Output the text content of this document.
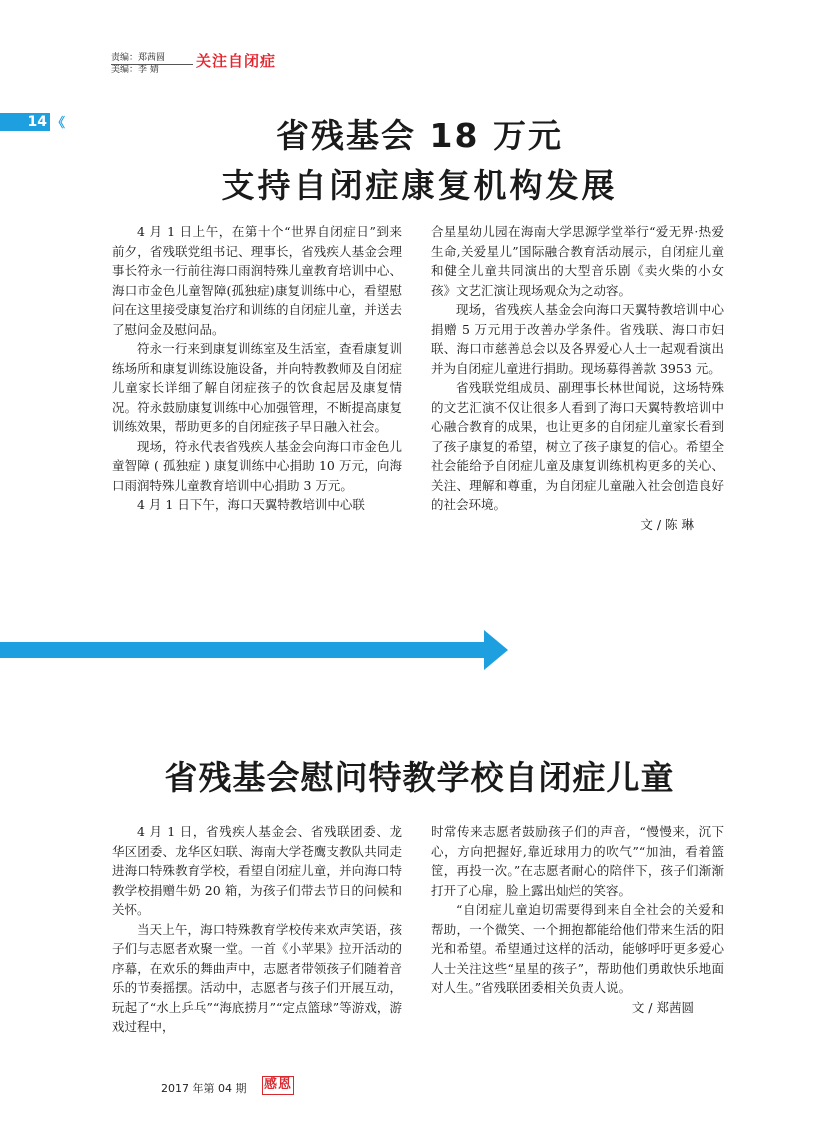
责编：郑茜圆
美编：李 婧	关注自闭症
14 《	省残基会 18 万元
支持自闭症康复机构发展

4 月 1 日上午，在第十个“世界自闭症日”到来前夕，省残联党组书记、理事长，省残疾人基金会理事长符永一行前往海口雨润特殊儿童教育培训中心、海口市金色儿童智障(孤独症)康复训练中心，看望慰问在这里接受康复治疗和训练的自闭症儿童，并送去了慰问金及慰问品。

符永一行来到康复训练室及生活室，查看康复训练场所和康复训练设施设备，并向特教教师及自闭症儿童家长详细了解自闭症孩子的饮食起居及康复情况。符永鼓励康复训练中心加强管理，不断提高康复训练效果，帮助更多的自闭症孩子早日融入社会。

现场，符永代表省残疾人基金会向海口市金色儿童智障 ( 孤独症 ) 康复训练中心捐助 10 万元，向海口雨润特殊儿童教育培训中心捐助 3 万元。

4 月 1 日下午，海口天翼特教培训中心联

合星星幼儿园在海南大学思源学堂举行“爱无界·热爱生命,关爱星儿”国际融合教育活动展示，自闭症儿童和健全儿童共同演出的大型音乐剧《卖火柴的小女孩》文艺汇演让现场观众为之动容。

现场，省残疾人基金会向海口天翼特教培训中心捐赠 5 万元用于改善办学条件。省残联、海口市妇联、海口市慈善总会以及各界爱心人士一起观看演出并为自闭症儿童进行捐助。现场募得善款 3953 元。

省残联党组成员、副理事长林世闻说，这场特殊的文艺汇演不仅让很多人看到了海口天翼特教培训中心融合教育的成果，也让更多的自闭症儿童家长看到了孩子康复的希望，树立了孩子康复的信心。希望全社会能给予自闭症儿童及康复训练机构更多的关心、关注、理解和尊重，为自闭症儿童融入社会创造良好的社会环境。

文 / 陈 琳

省残基会慰问特教学校自闭症儿童

4 月 1 日，省残疾人基金会、省残联团委、龙华区团委、龙华区妇联、海南大学苍鹰支教队共同走进海口特殊教育学校，看望自闭症儿童，并向海口特教学校捐赠牛奶 20 箱，为孩子们带去节日的问候和关怀。

当天上午，海口特殊教育学校传来欢声笑语，孩子们与志愿者欢聚一堂。一首《小苹果》拉开活动的序幕，在欢乐的舞曲声中，志愿者带领孩子们随着音乐的节奏摇摆。活动中，志愿者与孩子们开展互动，玩起了“水上乒乓”“海底捞月”“定点篮球”等游戏，游戏过程中，

时常传来志愿者鼓励孩子们的声音，“慢慢来，沉下心，方向把握好,靠近球用力的吹气”“加油，看着篮筐，再投一次。”在志愿者耐心的陪伴下，孩子们渐渐打开了心扉，脸上露出灿烂的笑容。

“自闭症儿童迫切需要得到来自全社会的关爱和帮助，一个微笑、一个拥抱都能给他们带来生活的阳光和希望。希望通过这样的活动，能够呼吁更多爱心人士关注这些“星星的孩子”，帮助他们勇敢快乐地面对人生。”省残联团委相关负责人说。

文 / 郑茜圆

2017 年第 04 期 感恩
